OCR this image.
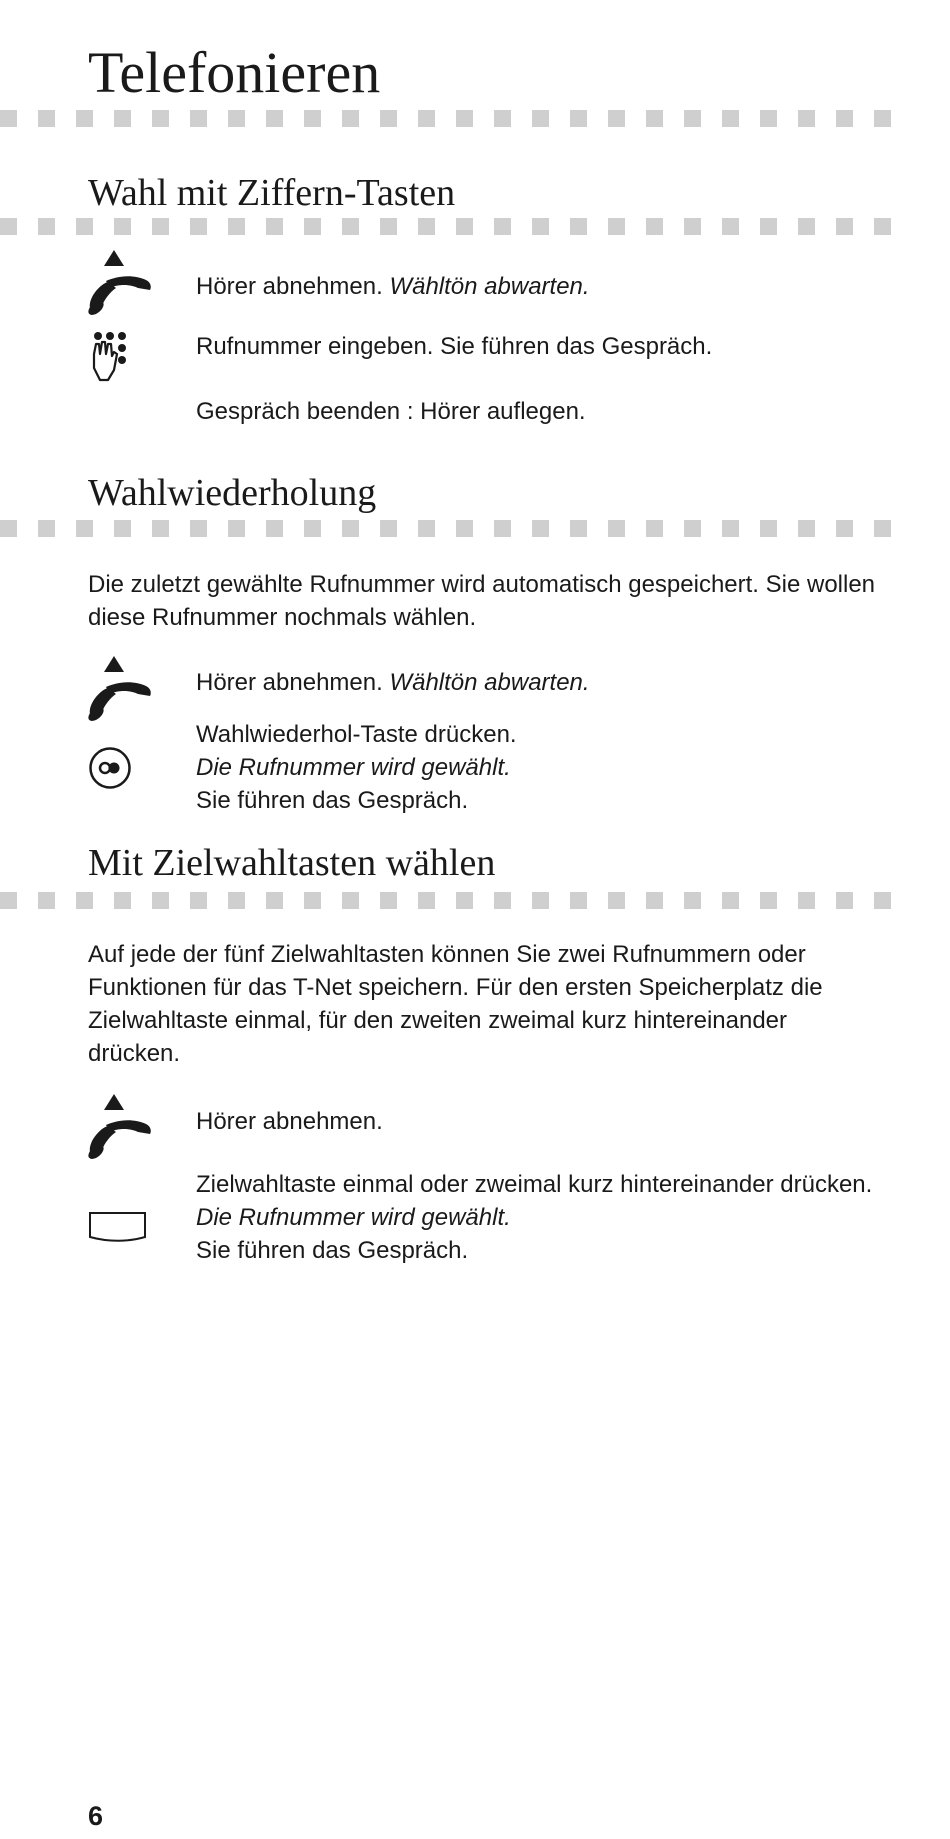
Telefonieren
Wahl mit Ziffern-Tasten

Hörer abnehmen. Wähltön abwarten.

Rufnummer eingeben. Sie führen das Gespräch.

Gespräch beenden : Hörer auflegen.

Wahlwiederholung

Die zuletzt gewählte Rufnummer wird automatisch gespeichert. Sie wollen diese Rufnummer nochmals wählen.

Hörer abnehmen. Wähltön abwarten.

Wahlwiederhol-Taste drücken.
Die Rufnummer wird gewählt.
Sie führen das Gespräch.

Mit Zielwahltasten wählen

Auf jede der fünf Zielwahltasten können Sie zwei Rufnummern oder Funktionen für das T-Net speichern. Für den ersten Speicherplatz die Zielwahltaste einmal, für den zweiten zweimal kurz hintereinander drücken.

Hörer abnehmen.

Zielwahltaste einmal oder zweimal kurz hintereinander drücken.
Die Rufnummer wird gewählt.
Sie führen das Gespräch.

6
